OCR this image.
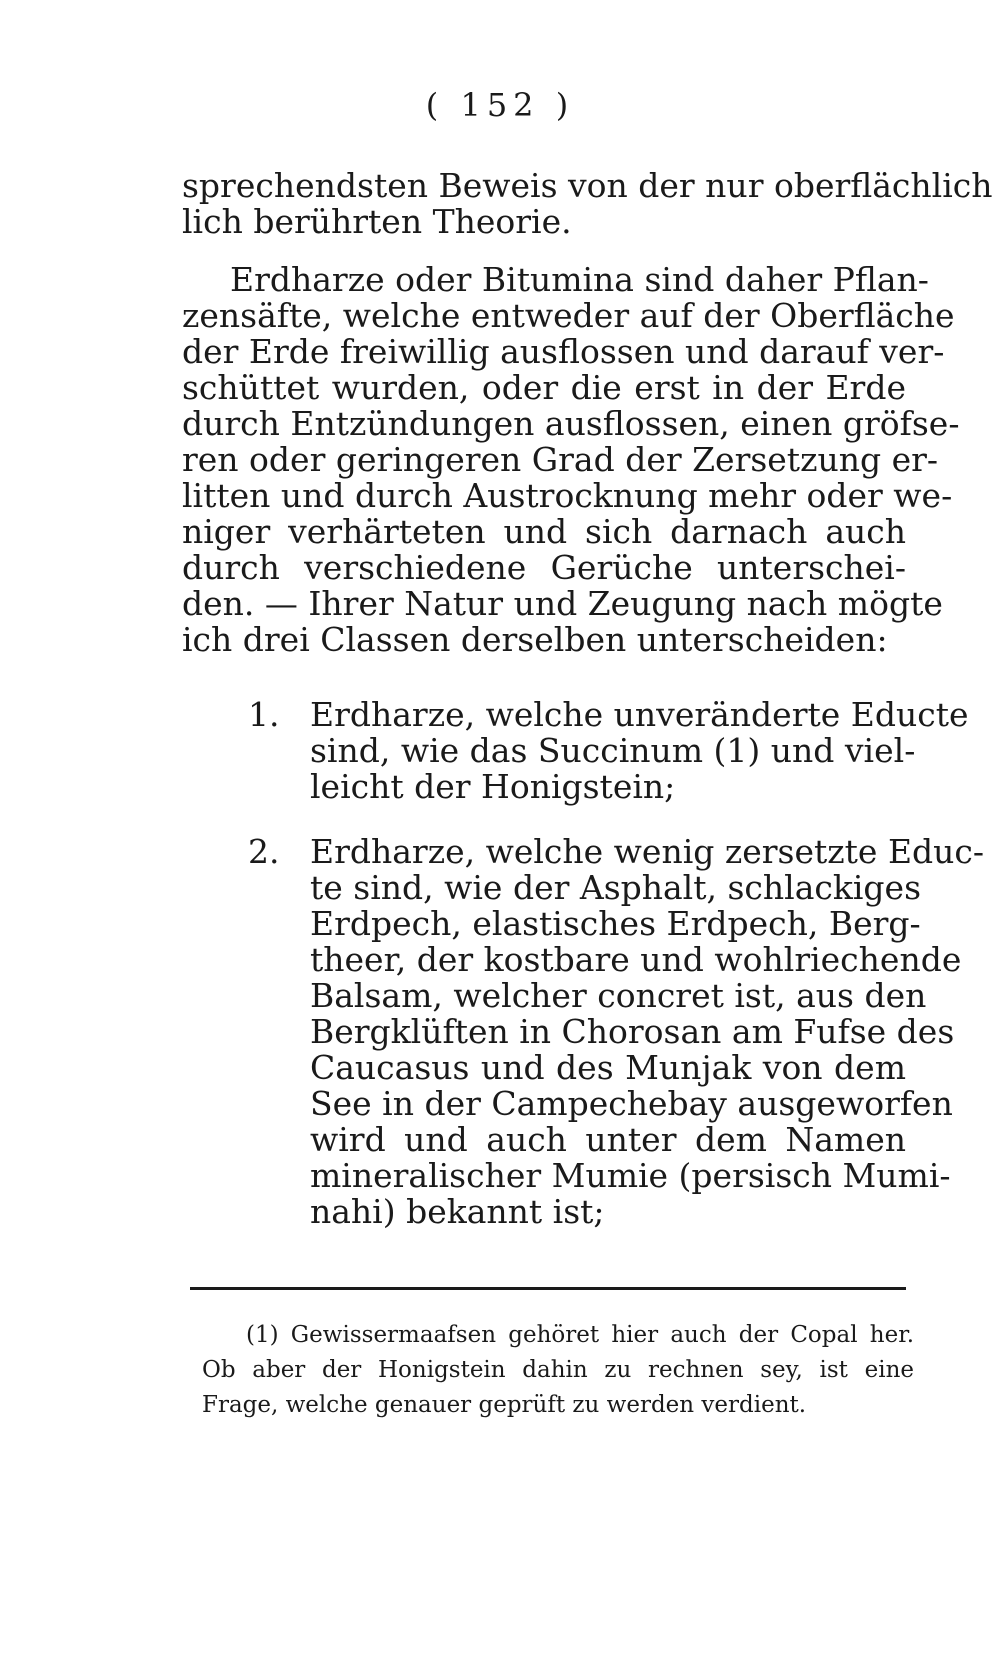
( 152 )
sprechendsten Beweis von der nur oberflächlich
lich berührten Theorie.
Erdharze oder Bitumina sind daher Pflan-
zensäfte, welche entweder auf der Oberfläche
der Erde freiwillig ausflossen und darauf ver-
schüttet wurden, oder die erst in der Erde
durch Entzündungen ausflossen, einen gröfse-
ren oder geringeren Grad der Zersetzung er-
litten und durch Austrocknung mehr oder we-
niger verhärteten und sich darnach auch
durch verschiedene Gerüche unterschei-
den. — Ihrer Natur und Zeugung nach mögte
ich drei Classen derselben unterscheiden:
1. Erdharze, welche unveränderte Educte
sind, wie das Succinum (1) und viel-
leicht der Honigstein;
2. Erdharze, welche wenig zersetzte Educ-
te sind, wie der Asphalt, schlackiges
Erdpech, elastisches Erdpech, Berg-
theer, der kostbare und wohlriechende
Balsam, welcher concret ist, aus den
Bergklüften in Chorosan am Fufse des
Caucasus und des Munjak von dem
See in der Campechebay ausgeworfen
wird und auch unter dem Namen
mineralischer Mumie (persisch Mumi-
nahi) bekannt ist;
(1) Gewissermaafsen gehöret hier auch der Copal her.
Ob aber der Honigstein dahin zu rechnen sey, ist eine
Frage, welche genauer geprüft zu werden verdient.
